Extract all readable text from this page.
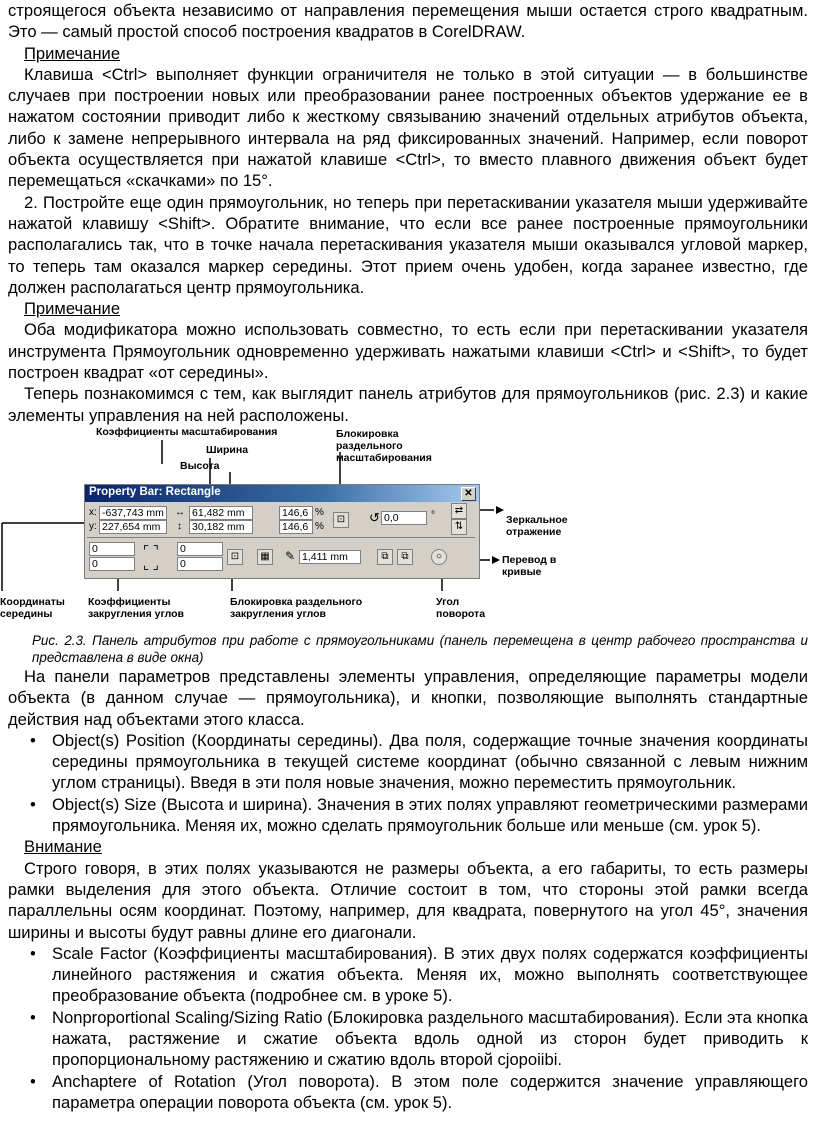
строящегося объекта независимо от направления перемещения мыши остается строго квадратным. Это — самый простой способ построения квадратов в CorelDRAW.

Примечание

Клавиша <Ctrl> выполняет функции ограничителя не только в этой ситуации — в большинстве случаев при построении новых или преобразовании ранее построенных объектов удержание ее в нажатом состоянии приводит либо к жесткому связыванию значений отдельных атрибутов объекта, либо к замене непрерывного интервала на ряд фиксированных значений. Например, если поворот объекта осуществляется при нажатой клавише <Ctrl>, то вместо плавного движения объект будет перемещаться «скачками» по 15°.

2. Постройте еще один прямоугольник, но теперь при перетаскивании указателя мыши удерживайте нажатой клавишу <Shift>. Обратите внимание, что если все ранее построенные прямоугольники располагались так, что в точке начала перетаскивания указателя мыши оказывался угловой маркер, то теперь там оказался маркер середины. Этот прием очень удобен, когда заранее известно, где должен располагаться центр прямоугольника.

Примечание

Оба модификатора можно использовать совместно, то есть если при перетаскивании указателя инструмента Прямоугольник одновременно удерживать нажатыми клавиши <Ctrl> и <Shift>, то будет построен квадрат «от середины».

Теперь познакомимся с тем, как выглядит панель атрибутов для прямоугольников (рис. 2.3) и какие элементы управления на ней расположены.

Коэффициенты масштабирования
Ширина
Высота
Блокировка раздельного масштабирования
Зеркальное отражение
Перевод в кривые
Координаты середины
Коэффициенты закругления углов
Блокировка раздельного закругления углов
Угол поворота
Property Bar: Rectangle	✕
x:
y:
-637,743 mm
227,654 mm
↔
↕
61,482 mm
30,182 mm
146,6
146,6
%
%
⊡ ↺ 0,0	°	⇄
⇅
0
0
⌜ ⌝
⌞ ⌟
0
0
⊡	▦ ✎ 1,411 mm	⧉	⧉	○

Рис. 2.3. Панель атрибутов при работе с прямоугольниками (панель перемещена в центр рабочего пространства и представлена в виде окна)

На панели параметров представлены элементы управления, определяющие параметры модели объекта (в данном случае — прямоугольника), и кнопки, позволяющие выполнять стандартные действия над объектами этого класса.

• Object(s) Position (Координаты середины). Два поля, содержащие точные значения координаты середины прямоугольника в текущей системе координат (обычно связанной с левым нижним углом страницы). Введя в эти поля новые значения, можно переместить прямоугольник.
• Object(s) Size (Высота и ширина). Значения в этих полях управляют геометрическими размерами прямоугольника. Меняя их, можно сделать прямоугольник больше или меньше (см. урок 5).

Внимание

Строго говоря, в этих полях указываются не размеры объекта, а его габариты, то есть размеры рамки выделения для этого объекта. Отличие состоит в том, что стороны этой рамки всегда параллельны осям координат. Поэтому, например, для квадрата, повернутого на угол 45°, значения ширины и высоты будут равны длине его диагонали.

• Scale Factor (Коэффициенты масштабирования). В этих двух полях содержатся коэффициенты линейного растяжения и сжатия объекта. Меняя их, можно выполнять соответствующее преобразование объекта (подробнее см. в уроке 5).
• Nonproportional Scaling/Sizing Ratio (Блокировка раздельного масштабирования). Если эта кнопка нажата, растяжение и сжатие объекта вдоль одной из сторон будет приводить к пропорциональному растяжению и сжатию вдоль второй cjopoiibi.
• Anchaptere of Rotation (Угол поворота). В этом поле содержится значение управляющего параметра операции поворота объекта (см. урок 5).
